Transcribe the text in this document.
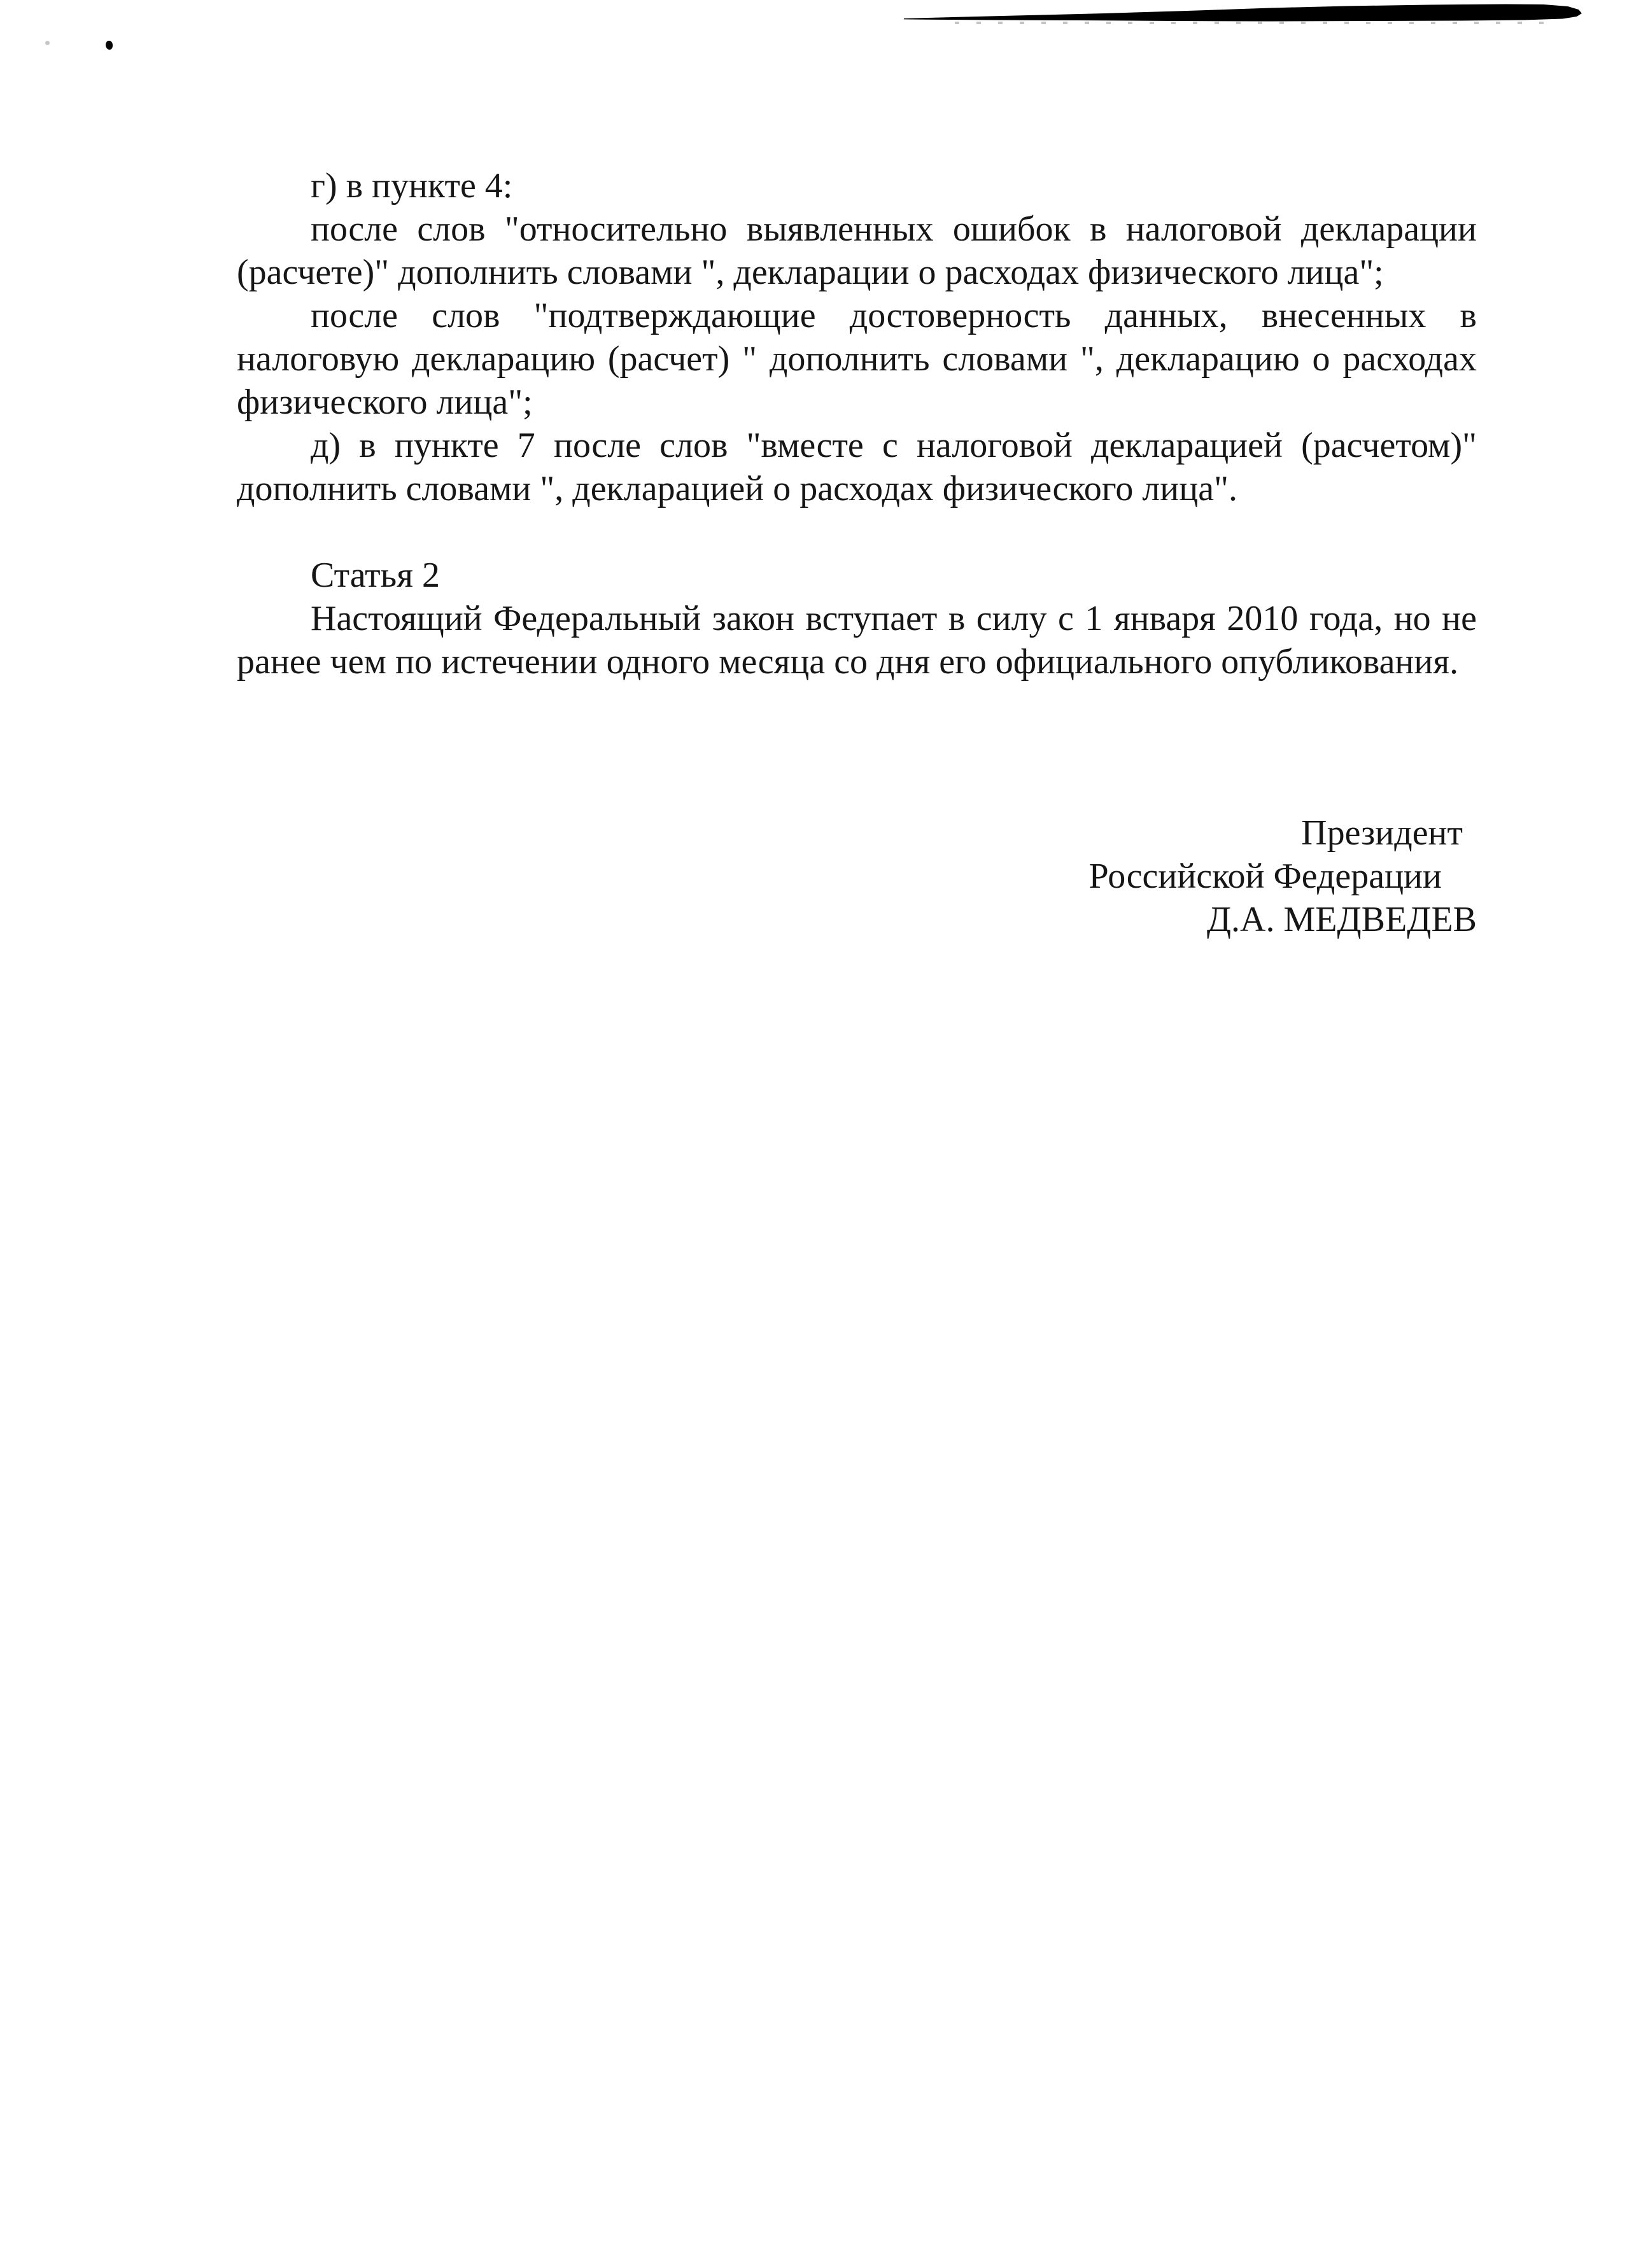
г) в пункте 4:

после слов "относительно выявленных ошибок в налоговой декларации (расчете)" дополнить словами ", декларации о расходах физического лица";

после слов "подтверждающие достоверность данных, внесенных в налоговую декларацию (расчет) " дополнить словами ", декларацию о расходах физического лица";

д) в пункте 7 после слов "вместе с налоговой декларацией (расчетом)" дополнить словами ", декларацией о расходах физического лица".

Статья 2

Настоящий Федеральный закон вступает в силу с 1 января 2010 года, но не ранее чем по истечении одного месяца со дня его официального опубликования.

Президент
Российской Федерации
Д.А. МЕДВЕДЕВ
